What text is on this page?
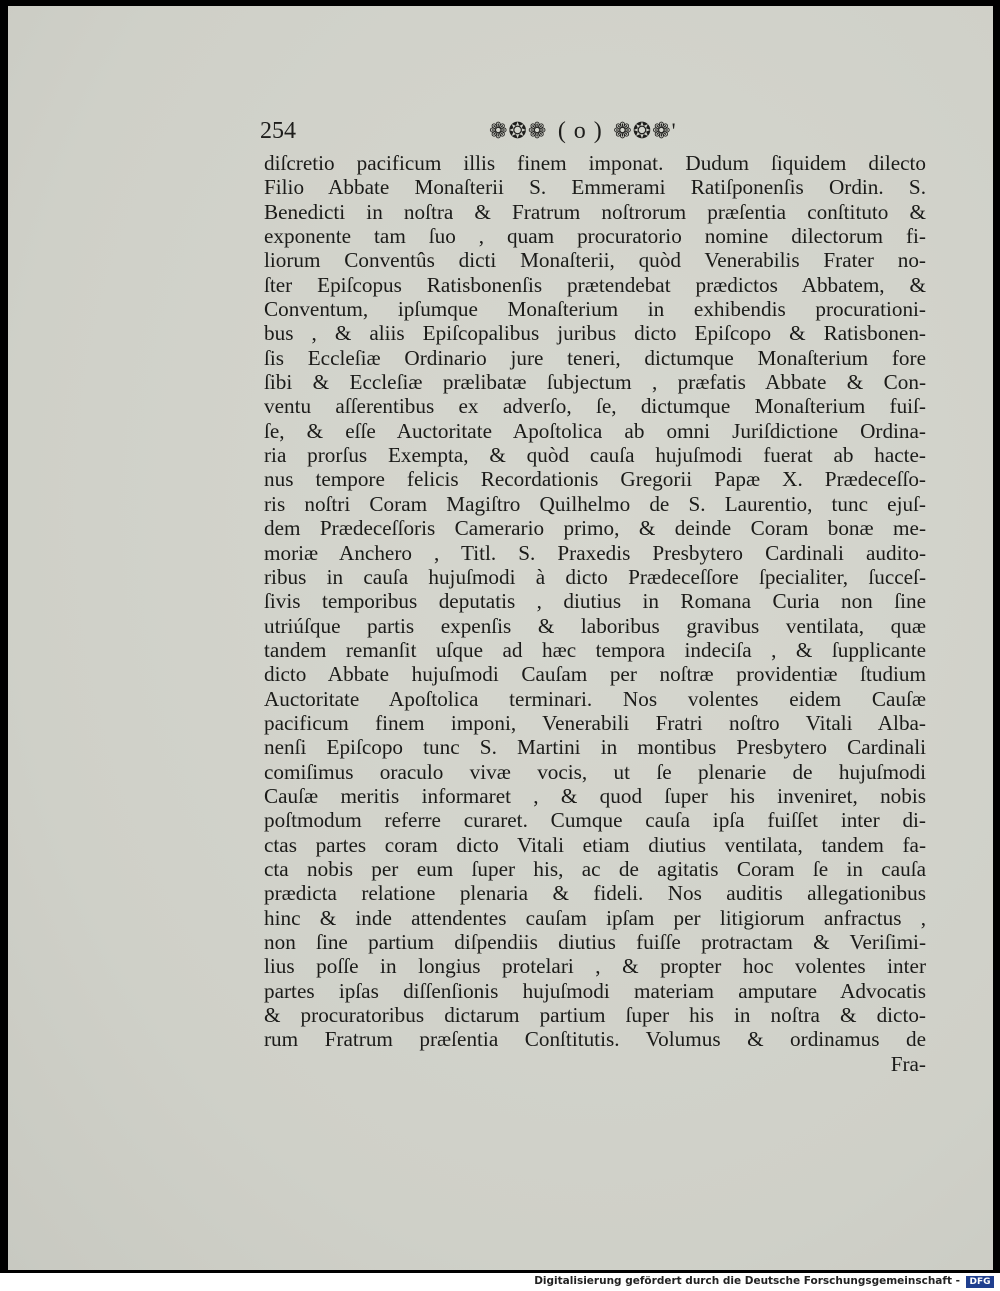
254	❁❂❁ ( o ) ❁❂❁'
diſcretio pacificum illis finem imponat. Dudum ſiquidem dilecto
Filio Abbate Monaſterii S. Emmerami Ratiſponenſis Ordin. S.
Benedicti in noſtra & Fratrum noſtrorum præſentia conſtituto &
exponente tam ſuo , quam procuratorio nomine dilectorum fi-
liorum Conventûs dicti Monaſterii, quòd Venerabilis Frater no-
ſter Epiſcopus Ratisbonenſis prætendebat prædictos Abbatem, &
Conventum, ipſumque Monaſterium in exhibendis procurationi-
bus , & aliis Epiſcopalibus juribus dicto Epiſcopo & Ratisbonen-
ſis Eccleſiæ Ordinario jure teneri, dictumque Monaſterium fore
ſibi & Eccleſiæ prælibatæ ſubjectum , præfatis Abbate & Con-
ventu aſſerentibus ex adverſo, ſe, dictumque Monaſterium fuiſ-
ſe, & eſſe Auctoritate Apoſtolica ab omni Juriſdictione Ordina-
ria prorſus Exempta, & quòd cauſa hujuſmodi fuerat ab hacte-
nus tempore felicis Recordationis Gregorii Papæ X. Prædeceſſo-
ris noſtri Coram Magiſtro Quilhelmo de S. Laurentio, tunc ejuſ-
dem Prædeceſſoris Camerario primo, & deinde Coram bonæ me-
moriæ Anchero , Titl. S. Praxedis Presbytero Cardinali audito-
ribus in cauſa hujuſmodi à dicto Prædeceſſore ſpecialiter, ſucceſ-
ſivis temporibus deputatis , diutius in Romana Curia non ſine
utriúſque partis expenſis & laboribus gravibus ventilata, quæ
tandem remanſit uſque ad hæc tempora indeciſa , & ſupplicante
dicto Abbate hujuſmodi Cauſam per noſtræ providentiæ ſtudium
Auctoritate Apoſtolica terminari. Nos volentes eidem Cauſæ
pacificum finem imponi, Venerabili Fratri noſtro Vitali Alba-
nenſi Epiſcopo tunc S. Martini in montibus Presbytero Cardinali
comiſimus oraculo vivæ vocis, ut ſe plenarie de hujuſmodi
Cauſæ meritis informaret , & quod ſuper his inveniret, nobis
poſtmodum referre curaret. Cumque cauſa ipſa fuiſſet inter di-
ctas partes coram dicto Vitali etiam diutius ventilata, tandem fa-
cta nobis per eum ſuper his, ac de agitatis Coram ſe in cauſa
prædicta relatione plenaria & fideli. Nos auditis allegationibus
hinc & inde attendentes cauſam ipſam per litigiorum anfractus ,
non ſine partium diſpendiis diutius fuiſſe protractam & Veriſimi-
lius poſſe in longius protelari , & propter hoc volentes inter
partes ipſas diſſenſionis hujuſmodi materiam amputare Advocatis
& procuratoribus dictarum partium ſuper his in noſtra & dicto-
rum Fratrum præſentia Conſtitutis. Volumus & ordinamus de
Fra-
Digitalisierung gefördert durch die Deutsche Forschungsgemeinschaft -	DFG
